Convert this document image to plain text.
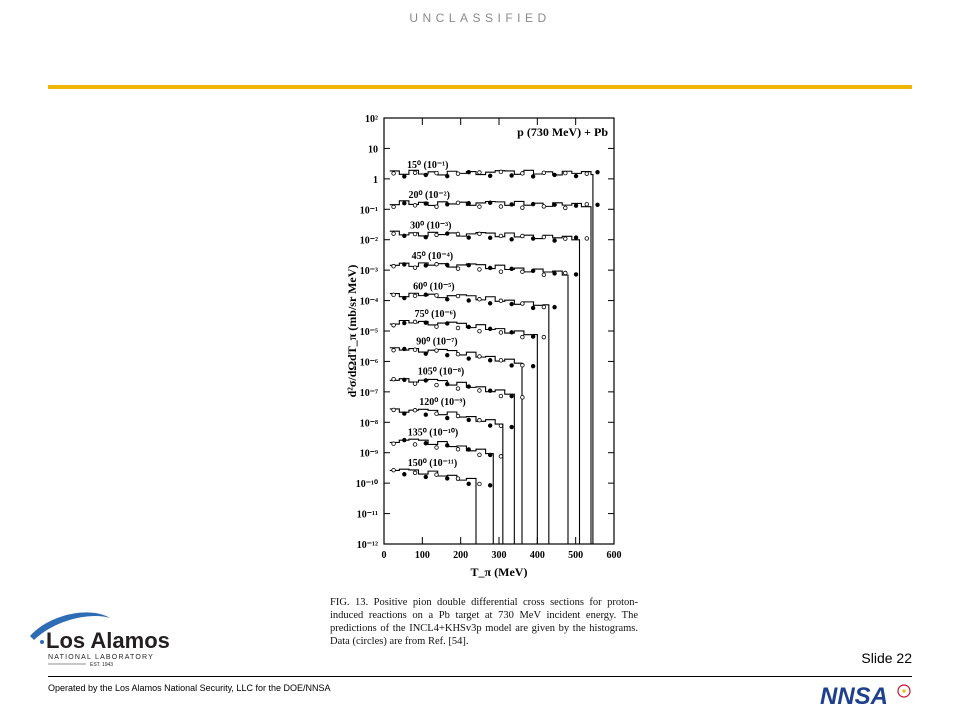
UNCLASSIFIED
10²
10
1
10⁻¹
10⁻²
10⁻³
10⁻⁴
10⁻⁵
10⁻⁶
10⁻⁷
10⁻⁸
10⁻⁹
10⁻¹⁰
10⁻¹¹
10⁻¹²
0	100 200 300 400 500 600
T_π (MeV)
d²σ/dΩdT_π (mb/sr MeV)
p (730 MeV) + Pb
15⁰ (10⁻¹)
20⁰ (10⁻²)
30⁰ (10⁻³)
45⁰ (10⁻⁴)
60⁰ (10⁻⁵)
75⁰ (10⁻⁶)
90⁰ (10⁻⁷)
105⁰ (10⁻⁸)
120⁰ (10⁻⁹)
135⁰ (10⁻¹⁰)
150⁰ (10⁻¹¹)
FIG. 13. Positive pion double differential cross sections for proton-induced reactions on a Pb target at 730 MeV incident energy. The predictions of the INCL4+KHSv3p model are given by the histograms. Data (circles) are from Ref. [54].
Los Alamos
NATIONAL LABORATORY
EST. 1943	Slide 22
Operated by the Los Alamos National Security, LLC for the DOE/NNSA	NNSA
